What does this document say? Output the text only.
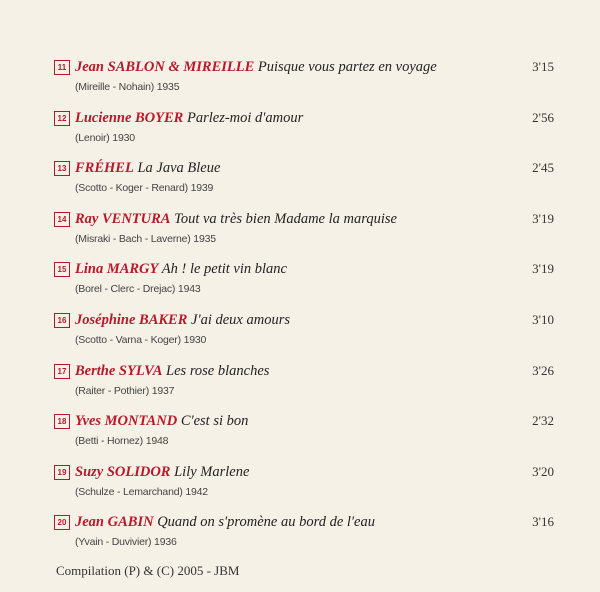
11 Jean SABLON & MIREILLE Puisque vous partez en voyage	3'15
(Mireille - Nohain) 1935
12 Lucienne BOYER Parlez-moi d'amour	2'56
(Lenoir) 1930
13 FRÉHEL La Java Bleue	2'45
(Scotto - Koger - Renard) 1939
14 Ray VENTURA Tout va très bien Madame la marquise	3'19
(Misraki - Bach - Laverne) 1935
15 Lina MARGY Ah ! le petit vin blanc	3'19
(Borel - Clerc - Drejac) 1943
16 Joséphine BAKER J'ai deux amours	3'10
(Scotto - Varna - Koger) 1930
17 Berthe SYLVA Les rose blanches	3'26
(Raiter - Pothier) 1937
18 Yves MONTAND C'est si bon	2'32
(Betti - Hornez) 1948
19 Suzy SOLIDOR Lily Marlene	3'20
(Schulze - Lemarchand) 1942
20 Jean GABIN Quand on s'promène au bord de l'eau	3'16
(Yvain - Duvivier) 1936
Compilation (P) & (C) 2005 - JBM
